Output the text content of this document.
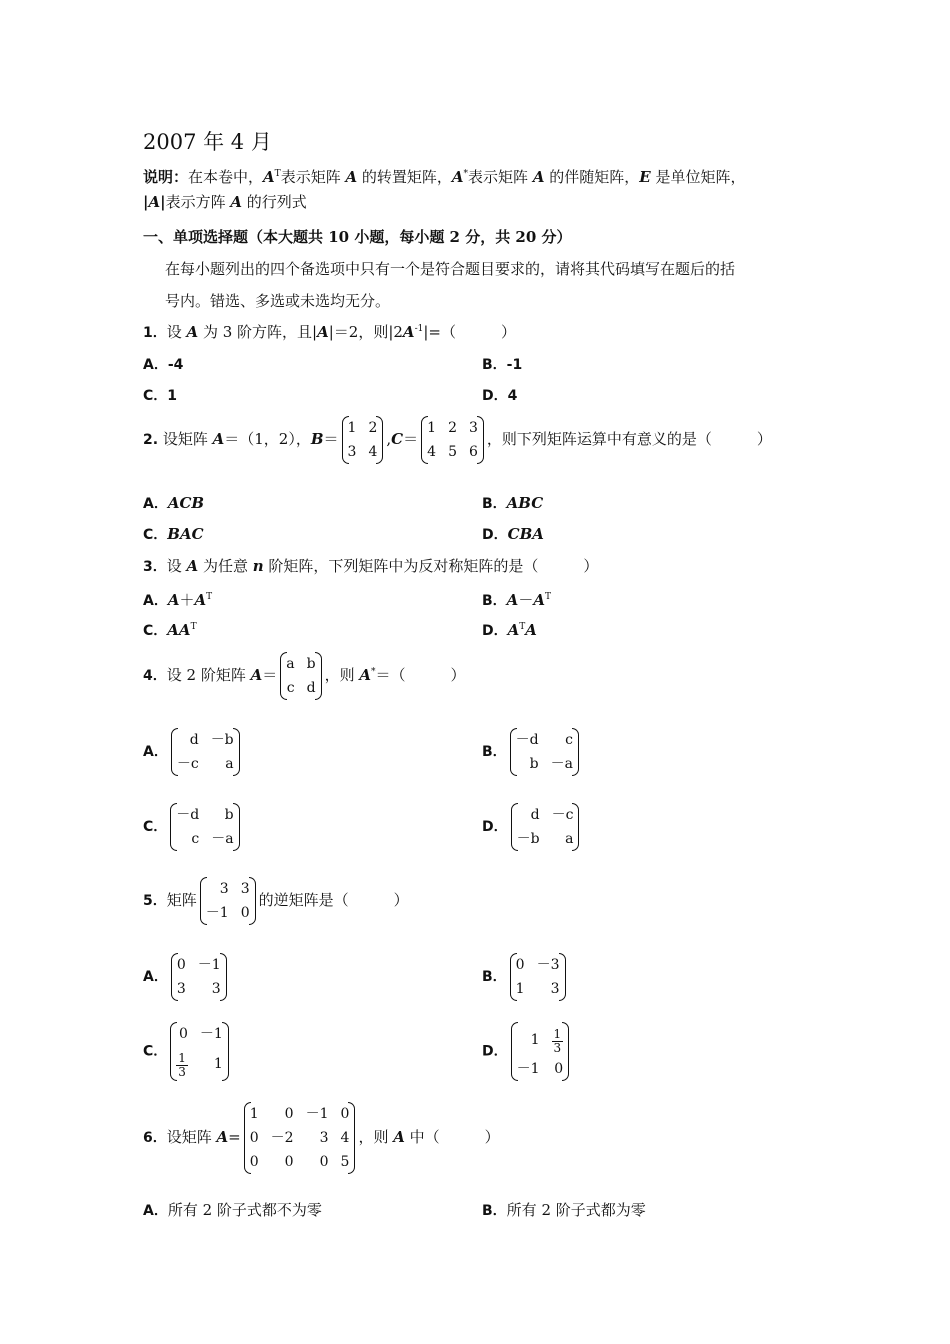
2007 年 4 月
说明：在本卷中，$A^T$表示矩阵 A 的转置矩阵，A*表示矩阵 A 的伴随矩阵，E 是单位矩阵，
|A|表示方阵 A 的行列式
一、单项选择题（本大题共 10 小题，每小题 2 分，共 20 分）
在每小题列出的四个备选项中只有一个是符合题目要求的，请将其代码填写在题后的括
号内。错选、多选或未选均无分。
1．设 A 为 3 阶方阵，且|A|＝2，则$|2A^{-1}|=$（　　　）
A．-4	B．-1
C．1	D．4
2. 设矩阵 A＝（1，2），B＝
1	2
3	4
,C＝
1	2	3
4	5	6
，则下列矩阵运算中有意义的是（　　　）
A．ACB	B．ABC
C．BAC	D．CBA
3．设 A 为任意 n 阶矩阵，下列矩阵中为反对称矩阵的是（　　　）
A．$A+A^T$	B．$A-A^T$
C．$AA^T$	D．$A^TA$
4．设 2 阶矩阵 A＝
a	b
c	d
，则 A*＝（　　　）
A．
d	－b
－c	a
B．
－d	c
b	－a
C．
－d	b
c	－a
D．
d	－c
－b	a
5．矩阵
3	3
－1	0
的逆矩阵是（　　　）
A．
0	－1
3	3
B．
0	－3
1	3
C．
0	－1

$\frac{1}{3}$	1
D．
1	$\frac{1}{3}$

－1	0
6．设矩阵 A=
1	0	－1	0
0	－2	3	4
0	0	0	5
，则 A 中（　　　）
A．所有 2 阶子式都不为零	B．所有 2 阶子式都为零
